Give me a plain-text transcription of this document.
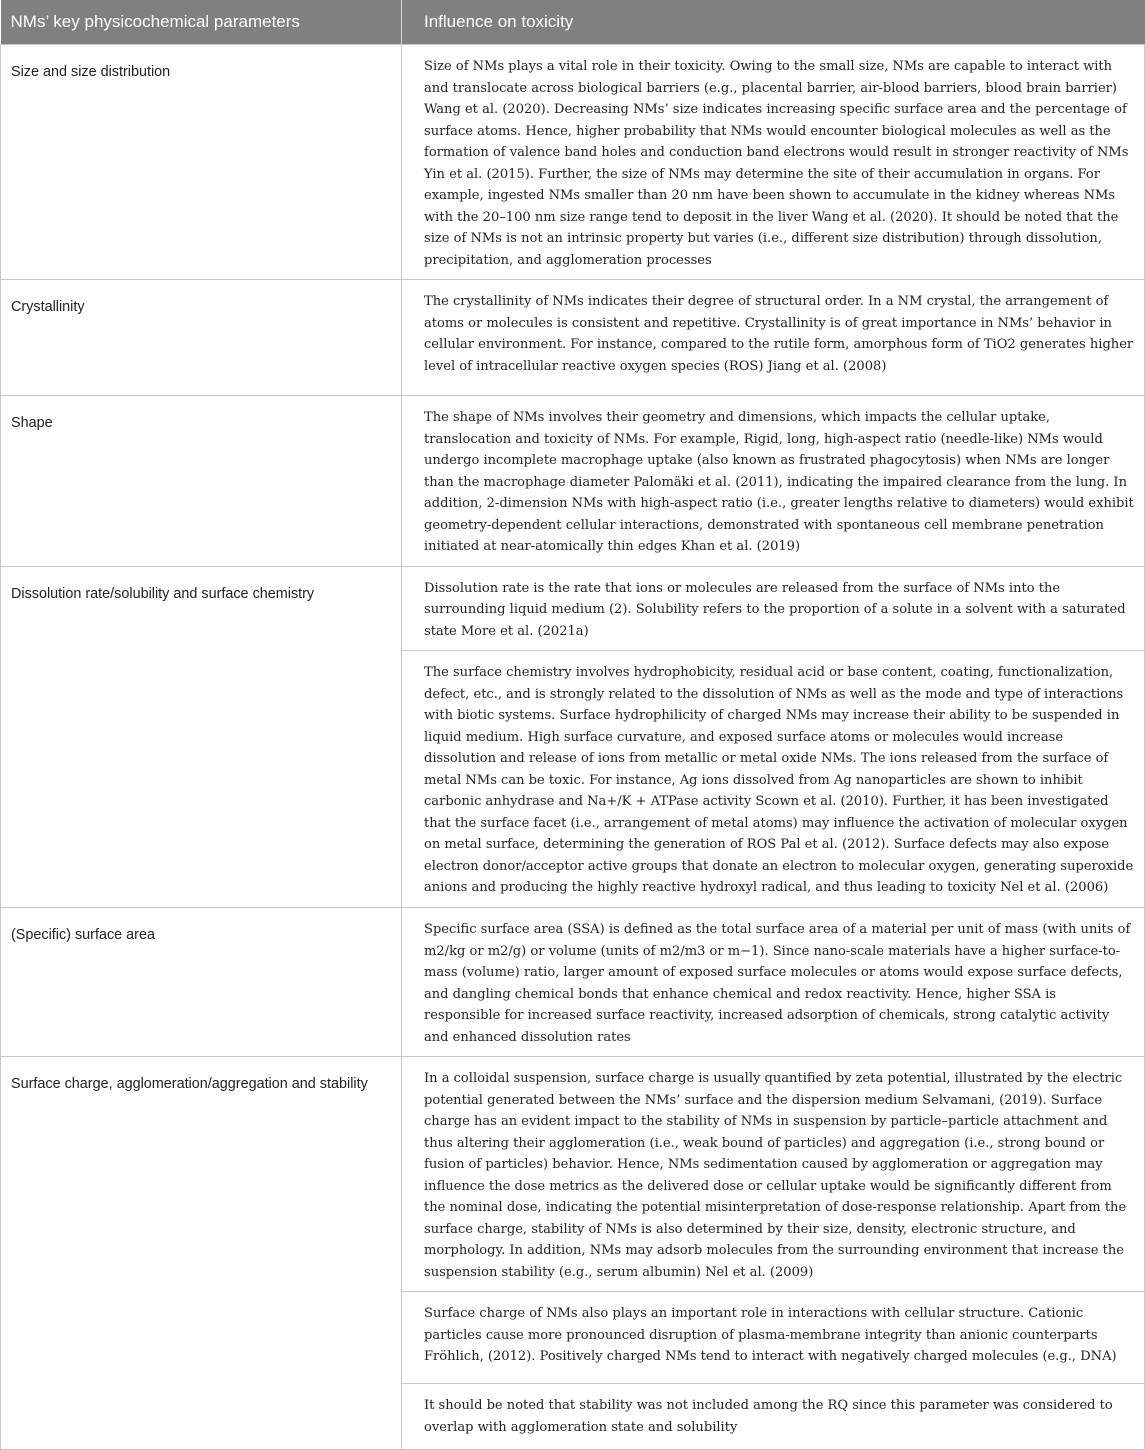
NMs’ key physicochemical parameters	Influence on toxicity
Size and size distribution	Size of NMs plays a vital role in their toxicity. Owing to the small size, NMs are capable to interact with and translocate across biological barriers (e.g., placental barrier, air-blood barriers, blood brain barrier) Wang et al. (2020). Decreasing NMs’ size indicates increasing specific surface area and the percentage of surface atoms. Hence, higher probability that NMs would encounter biological molecules as well as the formation of valence band holes and conduction band electrons would result in stronger reactivity of NMs Yin et al. (2015). Further, the size of NMs may determine the site of their accumulation in organs. For example, ingested NMs smaller than 20 nm have been shown to accumulate in the kidney whereas NMs with the 20–100 nm size range tend to deposit in the liver Wang et al. (2020). It should be noted that the size of NMs is not an intrinsic property but varies (i.e., different size distribution) through dissolution, precipitation, and agglomeration processes
Crystallinity	The crystallinity of NMs indicates their degree of structural order. In a NM crystal, the arrangement of atoms or molecules is consistent and repetitive. Crystallinity is of great importance in NMs’ behavior in cellular environment. For instance, compared to the rutile form, amorphous form of TiO2 generates higher level of intracellular reactive oxygen species (ROS) Jiang et al. (2008)
Shape	The shape of NMs involves their geometry and dimensions, which impacts the cellular uptake, translocation and toxicity of NMs. For example, Rigid, long, high-aspect ratio (needle-like) NMs would undergo incomplete macrophage uptake (also known as frustrated phagocytosis) when NMs are longer than the macrophage diameter Palomäki et al. (2011), indicating the impaired clearance from the lung. In addition, 2-dimension NMs with high-aspect ratio (i.e., greater lengths relative to diameters) would exhibit geometry-dependent cellular interactions, demonstrated with spontaneous cell membrane penetration initiated at near-atomically thin edges Khan et al. (2019)
Dissolution rate/solubility and surface chemistry	Dissolution rate is the rate that ions or molecules are released from the surface of NMs into the surrounding liquid medium (2). Solubility refers to the proportion of a solute in a solvent with a saturated state More et al. (2021a)
	The surface chemistry involves hydrophobicity, residual acid or base content, coating, functionalization, defect, etc., and is strongly related to the dissolution of NMs as well as the mode and type of interactions with biotic systems. Surface hydrophilicity of charged NMs may increase their ability to be suspended in liquid medium. High surface curvature, and exposed surface atoms or molecules would increase dissolution and release of ions from metallic or metal oxide NMs. The ions released from the surface of metal NMs can be toxic. For instance, Ag ions dissolved from Ag nanoparticles are shown to inhibit carbonic anhydrase and Na+/K + ATPase activity Scown et al. (2010). Further, it has been investigated that the surface facet (i.e., arrangement of metal atoms) may influence the activation of molecular oxygen on metal surface, determining the generation of ROS Pal et al. (2012). Surface defects may also expose electron donor/acceptor active groups that donate an electron to molecular oxygen, generating superoxide anions and producing the highly reactive hydroxyl radical, and thus leading to toxicity Nel et al. (2006)
(Specific) surface area	Specific surface area (SSA) is defined as the total surface area of a material per unit of mass (with units of m2/kg or m2/g) or volume (units of m2/m3 or m−1). Since nano-scale materials have a higher surface-to-mass (volume) ratio, larger amount of exposed surface molecules or atoms would expose surface defects, and dangling chemical bonds that enhance chemical and redox reactivity. Hence, higher SSA is responsible for increased surface reactivity, increased adsorption of chemicals, strong catalytic activity and enhanced dissolution rates
Surface charge, agglomeration/aggregation and stability	In a colloidal suspension, surface charge is usually quantified by zeta potential, illustrated by the electric potential generated between the NMs’ surface and the dispersion medium Selvamani, (2019). Surface charge has an evident impact to the stability of NMs in suspension by particle–particle attachment and thus altering their agglomeration (i.e., weak bound of particles) and aggregation (i.e., strong bound or fusion of particles) behavior. Hence, NMs sedimentation caused by agglomeration or aggregation may influence the dose metrics as the delivered dose or cellular uptake would be significantly different from the nominal dose, indicating the potential misinterpretation of dose-response relationship. Apart from the surface charge, stability of NMs is also determined by their size, density, electronic structure, and morphology. In addition, NMs may adsorb molecules from the surrounding environment that increase the suspension stability (e.g., serum albumin) Nel et al. (2009)
	Surface charge of NMs also plays an important role in interactions with cellular structure. Cationic particles cause more pronounced disruption of plasma-membrane integrity than anionic counterparts Fröhlich, (2012). Positively charged NMs tend to interact with negatively charged molecules (e.g., DNA)
	It should be noted that stability was not included among the RQ since this parameter was considered to overlap with agglomeration state and solubility
